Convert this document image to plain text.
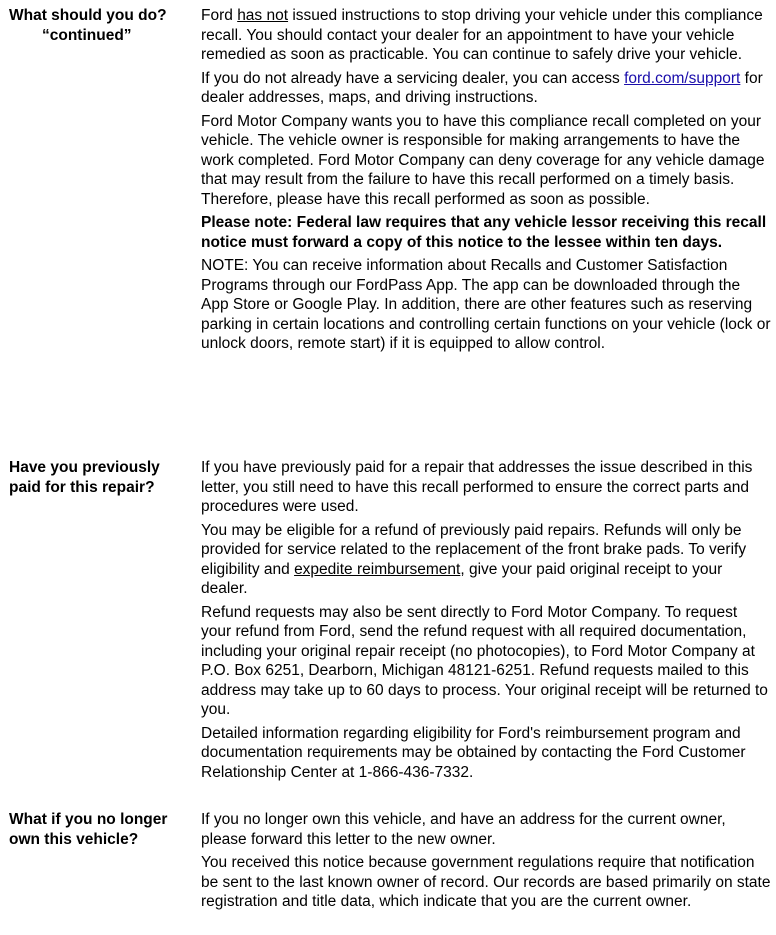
What should you do?
“continued”

Ford has not issued instructions to stop driving your vehicle under this compliance recall. You should contact your dealer for an appointment to have your vehicle remedied as soon as practicable. You can continue to safely drive your vehicle.

If you do not already have a servicing dealer, you can access ford.com/support for dealer addresses, maps, and driving instructions.

Ford Motor Company wants you to have this compliance recall completed on your vehicle. The vehicle owner is responsible for making arrangements to have the work completed. Ford Motor Company can deny coverage for any vehicle damage that may result from the failure to have this recall performed on a timely basis. Therefore, please have this recall performed as soon as possible.

Please note: Federal law requires that any vehicle lessor receiving this recall notice must forward a copy of this notice to the lessee within ten days.

NOTE: You can receive information about Recalls and Customer Satisfaction Programs through our FordPass App. The app can be downloaded through the App Store or Google Play. In addition, there are other features such as reserving parking in certain locations and controlling certain functions on your vehicle (lock or unlock doors, remote start) if it is equipped to allow control.

Have you previously paid for this repair?

If you have previously paid for a repair that addresses the issue described in this letter, you still need to have this recall performed to ensure the correct parts and procedures were used.

You may be eligible for a refund of previously paid repairs. Refunds will only be provided for service related to the replacement of the front brake pads. To verify eligibility and expedite reimbursement, give your paid original receipt to your dealer.

Refund requests may also be sent directly to Ford Motor Company. To request your refund from Ford, send the refund request with all required documentation, including your original repair receipt (no photocopies), to Ford Motor Company at P.O. Box 6251, Dearborn, Michigan 48121-6251. Refund requests mailed to this address may take up to 60 days to process. Your original receipt will be returned to you.

Detailed information regarding eligibility for Ford's reimbursement program and documentation requirements may be obtained by contacting the Ford Customer Relationship Center at 1-866-436-7332.

What if you no longer own this vehicle?

If you no longer own this vehicle, and have an address for the current owner, please forward this letter to the new owner.

You received this notice because government regulations require that notification be sent to the last known owner of record. Our records are based primarily on state registration and title data, which indicate that you are the current owner.
